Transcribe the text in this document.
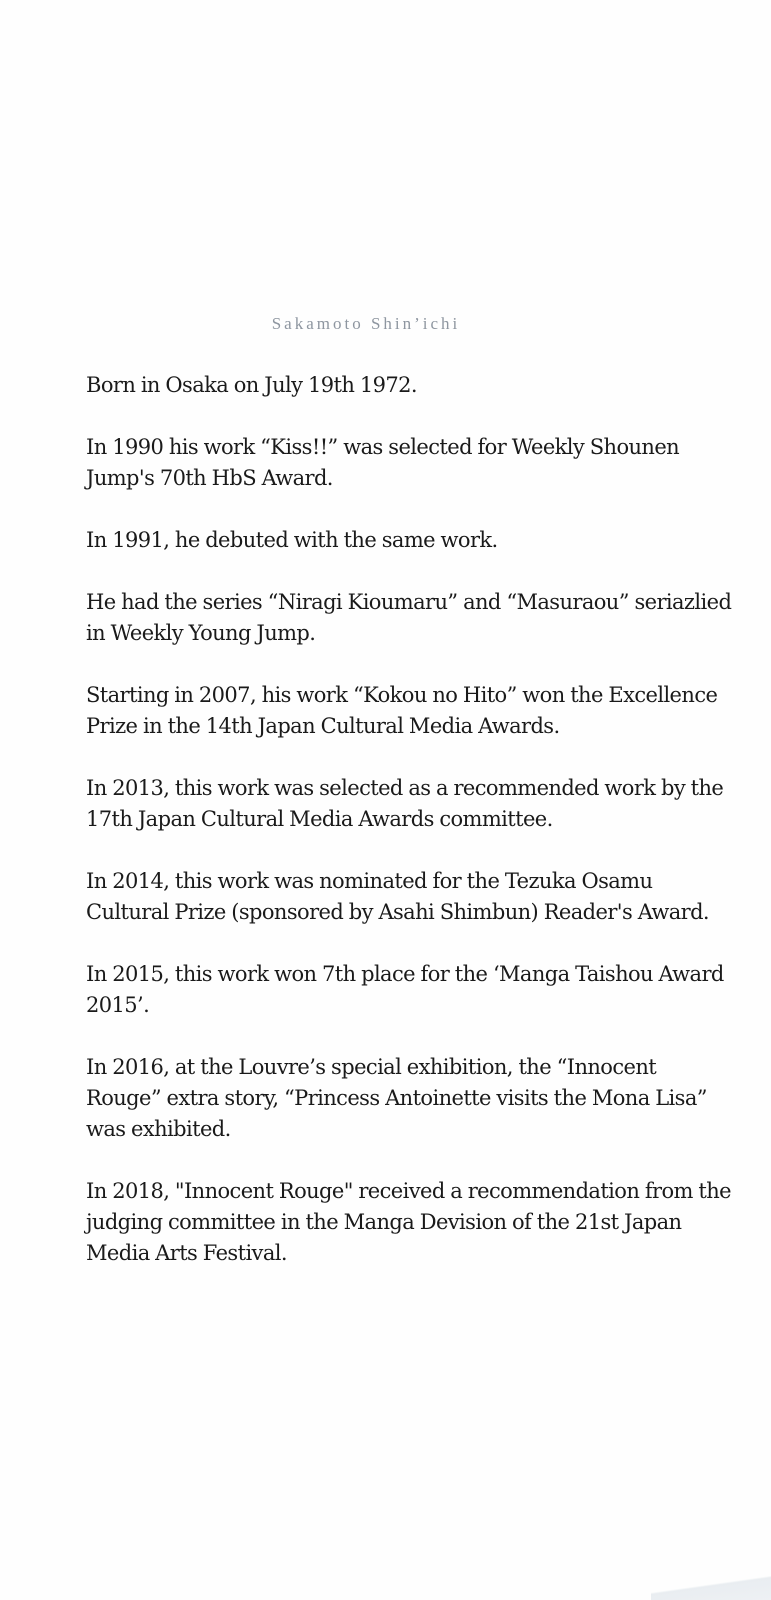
Sakamoto Shin’ichi

Born in Osaka on July 19th 1972.

In 1990 his work “Kiss!!” was selected for Weekly Shounen Jump's 70th HbS Award.

In 1991, he debuted with the same work.

He had the series “Niragi Kioumaru” and “Masuraou” seriazlied in Weekly Young Jump.

Starting in 2007, his work “Kokou no Hito” won the Excellence Prize in the 14th Japan Cultural Media Awards.

In 2013, this work was selected as a recommended work by the 17th Japan Cultural Media Awards committee.

In 2014, this work was nominated for the Tezuka Osamu Cultural Prize (sponsored by Asahi Shimbun) Reader's Award.

In 2015, this work won 7th place for the ‘Manga Taishou Award 2015’.

In 2016, at the Louvre’s special exhibition, the “Innocent Rouge” extra story, “Princess Antoinette visits the Mona Lisa” was exhibited.

In 2018, "Innocent Rouge" received a recommendation from the judging committee in the Manga Devision of the 21st Japan Media Arts Festival.
